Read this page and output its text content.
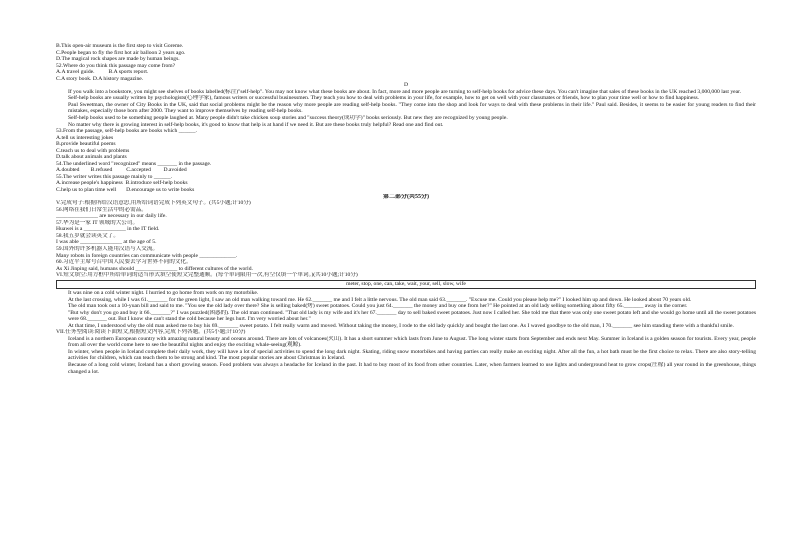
B.This open-air museum is the first step to visit Goreme.
C.People began to fly the first hot air balloon 2 years ago.
D.The magical rock shapes are made by human beings.
52.Where do you think this passage may come from?
A.A travel guide.          B.A sports report.
C.A story book. D.A history magazine.
D
If you walk into a bookstore, you might see shelves of books labelled(标注)"self-help". You may not know what these books are about. In fact, more and more people are turning to self-help books for advice these days. You can't imagine that sales of these books in the UK reached 3,000,000 last year.
Self-help books are usually written by psychologists(心理学家), famous writers or successful businessmen. They teach you how to deal with problems in your life, for example, how to get on well with your classmates or friends, how to plan your time well or how to find happiness.
Paul Sweetman, the owner of City Books in the UK, said that social problems might be the reason why more people are reading self-help books. "They come into the shop and look for ways to deal with these problems in their life." Paul said. Besides, it seems to be easier for young readers to find their mistakes, especially those born after 2000. They want to improve themselves by reading self-help books.
Self-help books used to be something people laughed at. Many people didn't take chicken soup stories and "success theory(成功学)" books seriously. But new they are recognized by young people.
No matter why there is growing interest in self-help books, it's good to know that help is at hand if we need it. But are these books truly helpful? Read one and find out.
53.From the passage, self-help books are books which ______.
A.tell us interesting jokes
B.provide beautiful poems
C.teach us to deal with problems
D.talk about animals and plants
54.The underlined word "recognized" means _______ in the passage.
A.doubted        B.refused          C.accepted         D.avoided
55.The writer writes this passage mainly to ______.
A.increase people's happiness  B.introduce self-help books
C.help us to plan time well       D.encourage us to write books
第二部分(共55分)
V.完成句子:根据所给汉语意思,用所给词语完成下列英文句子。(共5小题;计10分)
56.网络在我们日常生活中的必需品。
_______________ are necessary in our daily life.
57.华为是一家 IT 领域的大公司。
Huawei is a _______________ in the IT field.
58.我五岁就会读英文了。
I was able _______________ at the age of 5.
59.国外的许多机器人能用汉语与人交流。
Many robots in foreign countries can communicate with people _____________.
60.习近平主席号召中国人民要去学习世界不同的文化。
As Xi Jinping said, humans should _______________ to different cultures of the world.
VI.短文填空:用方框中所给单词的适当形式填空使短文完整通顺。(每个单词限用一次,有空仅填一个单词。)(共10小题;计10分)
meter, stop, one, can, take, wait, your, sell, slow, wife
It was nine on a cold winter night. I hurried to go home from work on my motorbike.
At the last crossing, while I was 61._______ for the green light, I saw an old man walking toward me. He 62._______ me and I felt a little nervous. The old man said 63._______. "Excuse me. Could you please help me?" I looked him up and down. He looked about 70 years old.
The old man took out a 10-yuan bill and said to me. "You see the old lady over there? She is selling baked(烤) sweet potatoes. Could you just 64._______ the money and buy one from her?" He pointed at an old lady selling something about fifty 65._______ away in the corner.
"But why don't you go and buy it 66._______?" I was puzzled(困惑的). The old man continued. "That old lady is my wife and it's her 67._______ day to sell baked sweet potatoes. Just now I called her. She told me that there was only one sweet potato left and she would go home until all the sweet potatoes were 68._______ out. But I know she can't stand the cold because her legs hurt. I'm very worried about her."
At that time, I understood why the old man asked me to buy his 69._______ sweet potato. I felt really warm and moved. Without taking the money, I rode to the old lady quickly and bought the last one. As I waved goodbye to the old man, I 70._______ see him standing there with a thankful smile.
VII.任务型阅读:阅读下面短文,根据短文内容,完成下列各题。(共5小题;计10分)
Iceland is a northern European country with amazing natural beauty and oceans around. There are lots of volcanoes(火山). It has a short summer which lasts from June to August. The long winter starts from September and ends next May. Summer in Iceland is a golden season for tourists. Every year, people from all over the world come here to see the beautiful nights and enjoy the exciting whale-seeing(观鲸).
In winter, when people in Iceland complete their daily work, they will have a lot of special activities to spend the long dark night. Skating, riding snow motorbikes and having parties can really make an exciting night. After all the fun, a hot bath must be the first choice to relax. There are also story-telling activities for children, which can teach them to be strong and kind. The most popular stories are about Christmas in Iceland.
Because of a long cold winter, Iceland has a short growing season. Food problem was always a headache for Iceland in the past. It had to buy most of its food from other countries. Later, when farmers learned to use lights and underground heat to grow crops(庄稼) all year round in the greenhouse, things changed a lot.
